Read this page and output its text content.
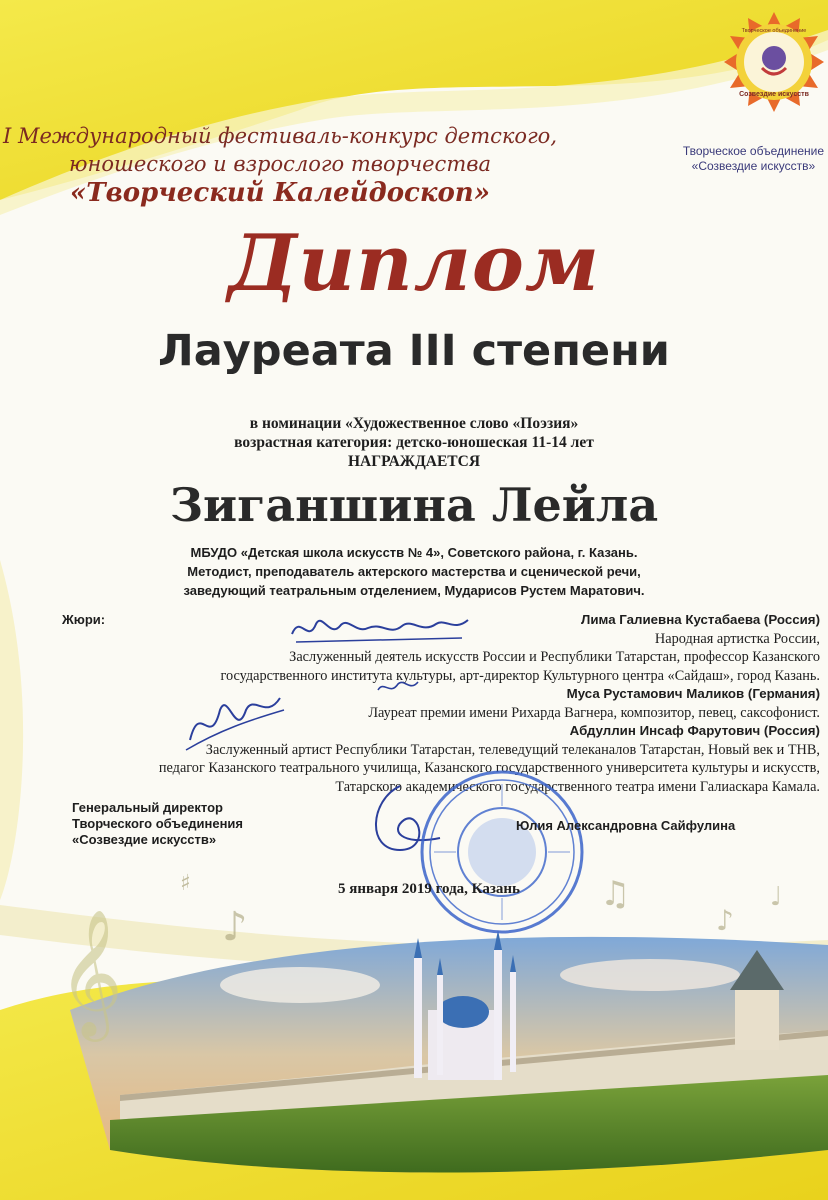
𝄞
♯
♪
♫
♪
♩
Созвездие искусств
Творческое объединение
Творческое объединение
«Созвездие искусств»
I Международный фестиваль-конкурс детского,
юношеского и взрослого творчества
«Творческий Калейдоскоп»
Диплом
Лауреата III степени
в номинации «Художественное слово «Поэзия»
возрастная категория: детско-юношеская 11-14 лет
НАГРАЖДАЕТСЯ
Зиганшина Лейла
МБУДО «Детская школа искусств № 4», Советского района, г. Казань.
Методист, преподаватель актерского мастерства и сценической речи,
заведующий театральным отделением, Мударисов Рустем Маратович.
Жюри:	Лима Галиевна Кустабаева (Россия)
Народная артистка России,
Заслуженный деятель искусств России и Республики Татарстан, профессор Казанского
государственного института культуры, арт-директор Культурного центра «Сайдаш», город Казань.
Муса Рустамович Маликов (Германия)
Лауреат премии имени Рихарда Вагнера, композитор, певец, саксофонист.
Абдуллин Инсаф Фарутович (Россия)
Заслуженный артист Республики Татарстан, телеведущий телеканалов Татарстан, Новый век и ТНВ,
педагог Казанского театрального училища, Казанского государственного университета культуры и искусств,
Татарского академического государственного театра имени Галиаскара Камала.
Генеральный директор
Творческого объединения
«Созвездие искусств»
Юлия Александровна Сайфулина
5 января 2019 года, Казань
